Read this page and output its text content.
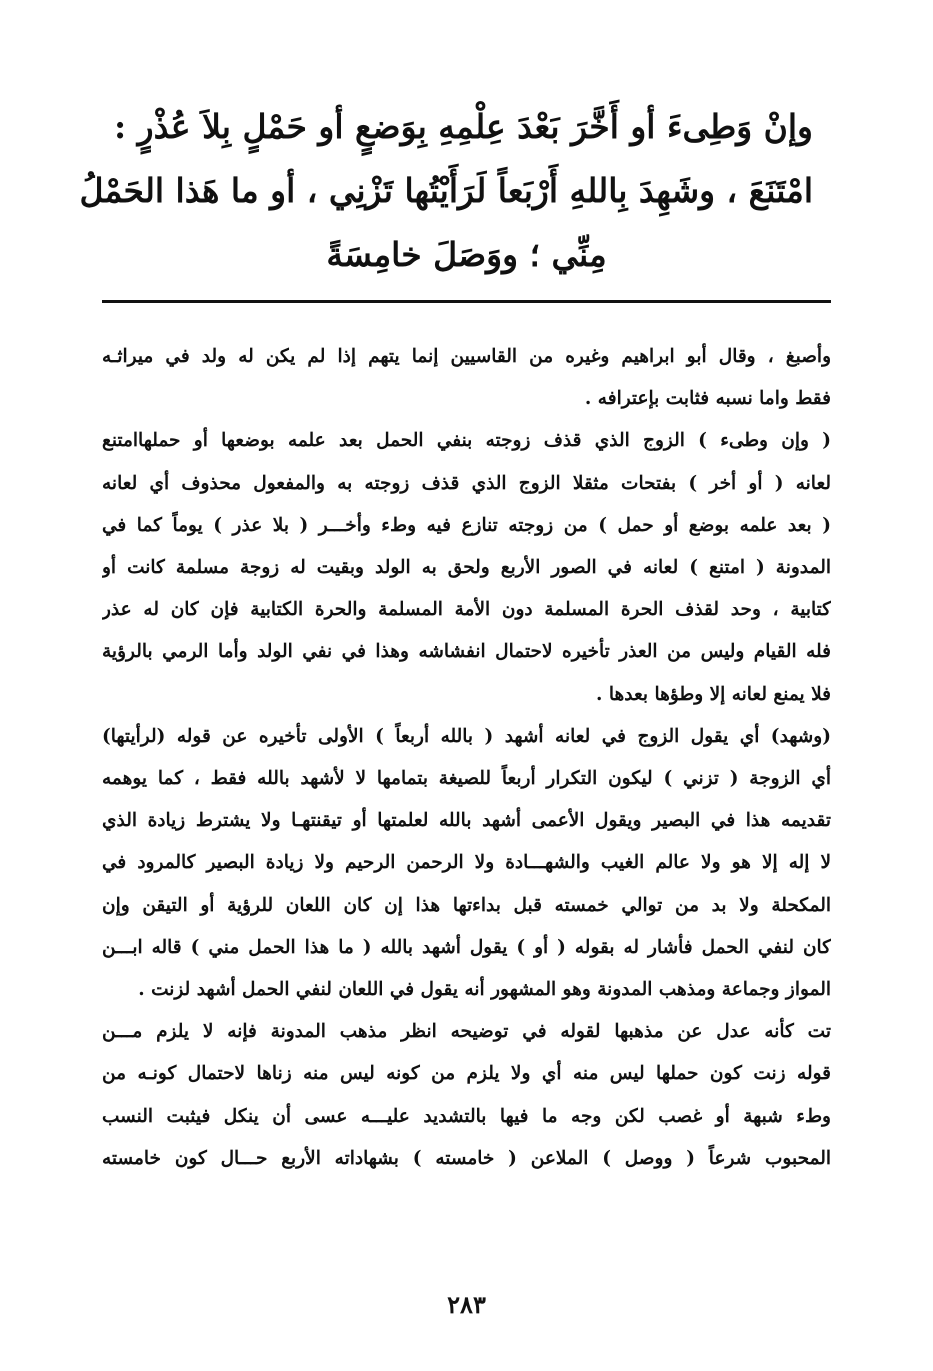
وإنْ وَطِىءَ أو أَخَّرَ بَعْدَ عِلْمِهِ بِوَضعٍ أو حَمْلٍ بِلاَ عُذْرٍ :
امْتَنَعَ ، وشَهِدَ بِاللهِ أَرْبَعاً لَرَأَيْتُها تَزْنِي ، أو ما هَذا الحَمْلُ
مِنِّي ؛ ووَصَلَ خامِسَةً
وأصبغ ، وقال أبو ابراهيم وغيره من القاسيين إنما يتهم إذا لم يكن له ولد في ميراثـه
فقط واما نسبه فثابت بإعترافه .
( وإن وطىء ) الزوج الذي قذف زوجته بنفي الحمل بعد علمه بوضعها أو حملهاامتنع
لعانه ( أو أخر ) بفتحات مثقلا الزوج الذي قذف زوجته به والمفعول محذوف أي لعانه
( بعد علمه بوضع أو حمل ) من زوجته تنازع فيه وطء وأخـــر ( بلا عذر ) يوماً كما في
المدونة ( امتنع ) لعانه في الصور الأربع ولحق به الولد وبقيت له زوجة مسلمة كانت أو
كتابية ، وحد لقذف الحرة المسلمة دون الأمة المسلمة والحرة الكتابية فإن كان له عذر
فله القيام وليس من العذر تأخيره لاحتمال انفشاشه وهذا في نفي الولد وأما الرمي بالرؤية
فلا يمنع لعانه إلا وطؤها بعدها .
(وشهد) أي يقول الزوج في لعانه أشهد ( بالله أربعاً ) الأولى تأخيره عن قوله (لرأيتها)
أي الزوجة ( تزني ) ليكون التكرار أربعاً للصيغة بتمامها لا لأشهد بالله فقط ، كما يوهمه
تقديمه هذا في البصير ويقول الأعمى أشهد بالله لعلمتها أو تيقنتهـا ولا يشترط زيادة الذي
لا إله إلا هو ولا عالم الغيب والشهـــادة ولا الرحمن الرحيم ولا زيادة البصير كالمرود في
المكحلة ولا بد من توالي خمسته قبل بداءتها هذا إن كان اللعان للرؤية أو التيقن وإن
كان لنفي الحمل فأشار له بقوله ( أو ) يقول أشهد بالله ( ما هذا الحمل مني ) قاله ابـــن
المواز وجماعة ومذهب المدونة وهو المشهور أنه يقول في اللعان لنفي الحمل أشهد لزنت .
تت كأنه عدل عن مذهبها لقوله في توضيحه انظر مذهب المدونة فإنه لا يلزم مـــن
قوله زنت كون حملها ليس منه أي ولا يلزم من كونه ليس منه زناها لاحتمال كونـه من
وطء شبهة أو غصب لكن وجه ما فيها بالتشديد عليـــه عسى أن ينكل فيثبت النسب
المحبوب شرعاً ( ووصل ) الملاعن ( خامسته ) بشهاداته الأربع حـــال كون خامسته
٢٨٣
